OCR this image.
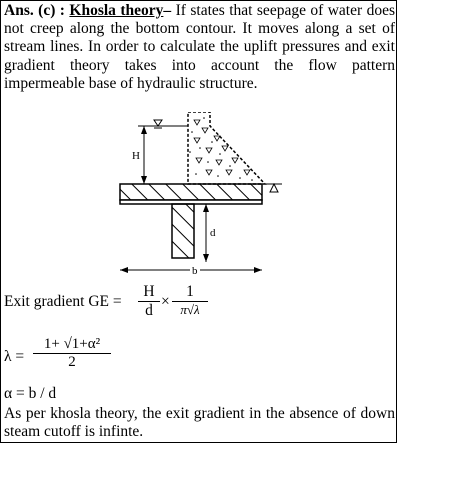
Ans. (c) : Khosla theory– If states that seepage of water does not creep along the bottom contour. It moves along a set of stream lines. In order to calculate the uplift pressures and exit gradient theory takes into account the flow pattern impermeable base of hydraulic structure.
H
d
b
Exit gradient GE = $\frac{H}{d}$ ×
1
π√λ
$\lambda = \frac{\text{1+ √1+α²}}{2}$
α = b / d
As per khosla theory, the exit gradient in the absence of down steam cutoff is infinte.
